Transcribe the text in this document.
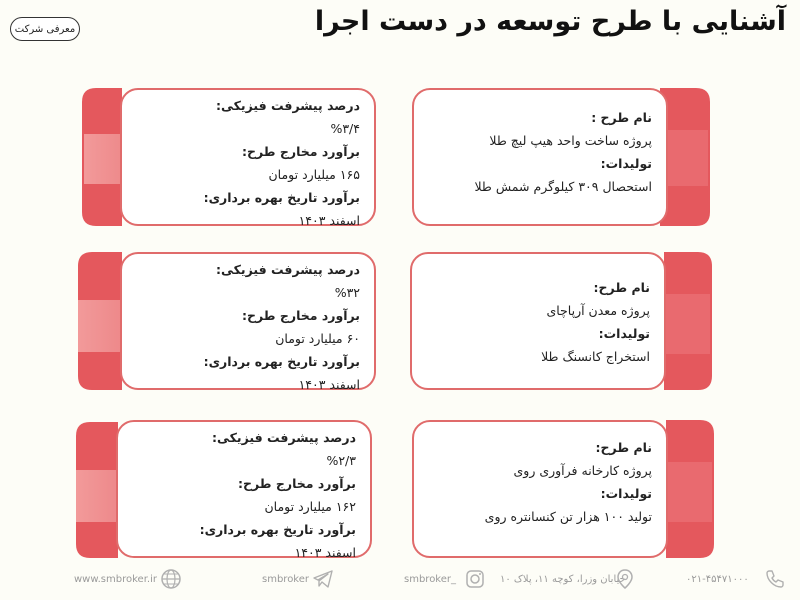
معرفی شرکت	آشنایی با طرح توسعه در دست اجرا
درصد پیشرفت فیزیکی:
%۳/۴
برآورد مخارج طرح:
۱۶۵ میلیارد تومان
برآورد تاریخ بهره برداری:
اسفند ۱۴۰۳
نام طرح :
پروژه ساخت واحد هیپ لیچ طلا
تولیدات:
استحصال ۳۰۹ کیلوگرم شمش طلا
درصد پیشرفت فیزیکی:
%۳۲
برآورد مخارج طرح:
۶۰ میلیارد تومان
برآورد تاریخ بهره برداری:
اسفند ۱۴۰۳
نام طرح:
پروژه معدن آرپاچای
تولیدات:
استخراج کانسنگ طلا
درصد پیشرفت فیزیکی:
%۲/۳
برآورد مخارج طرح:
۱۶۲ میلیارد تومان
برآورد تاریخ بهره برداری:
اسفند ۱۴۰۳
نام طرح:
پروژه کارخانه فرآوری روی
تولیدات:
تولید ۱۰۰ هزار تن کنسانتره روی
www.smbroker.ir	smbroker	smbroker_	خیابان وزرا، کوچه ۱۱، پلاک ۱۰	۰۲۱-۴۵۴۷۱۰۰۰
